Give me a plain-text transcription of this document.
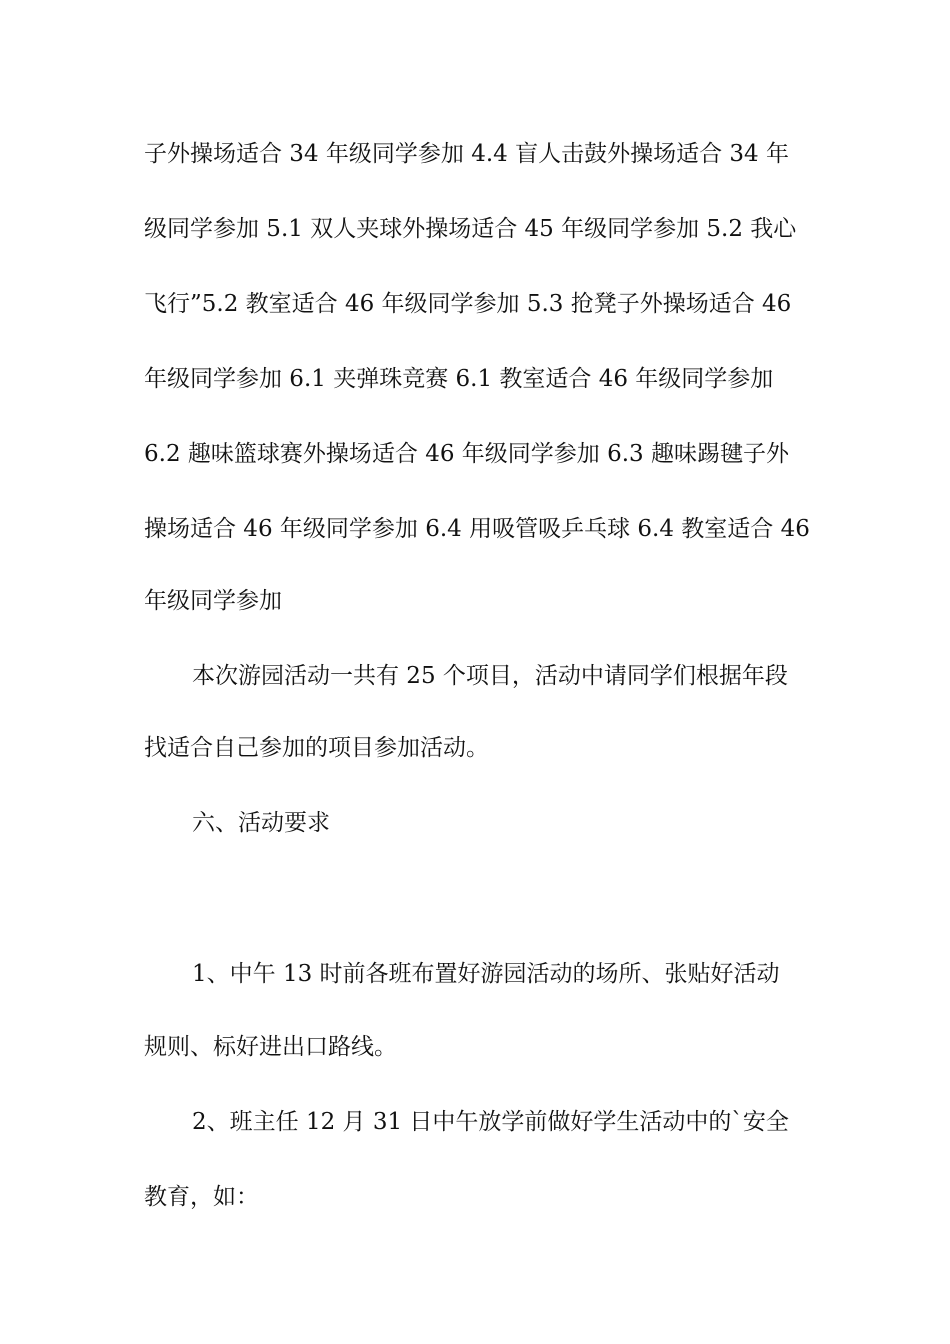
子外操场适合 34 年级同学参加 4.4 盲人击鼓外操场适合 34 年
级同学参加 5.1 双人夹球外操场适合 45 年级同学参加 5.2 我心
飞行”5.2 教室适合 46 年级同学参加 5.3 抢凳子外操场适合 46
年级同学参加 6.1 夹弹珠竞赛 6.1 教室适合 46 年级同学参加
6.2 趣味篮球赛外操场适合 46 年级同学参加 6.3 趣味踢毽子外
操场适合 46 年级同学参加 6.4 用吸管吸乒乓球 6.4 教室适合 46
年级同学参加
本次游园活动一共有 25 个项目，活动中请同学们根据年段
找适合自己参加的项目参加活动。
六、活动要求
1、中午 13 时前各班布置好游园活动的场所、张贴好活动
规则、标好进出口路线。
2、班主任 12 月 31 日中午放学前做好学生活动中的`安全
教育，如：
